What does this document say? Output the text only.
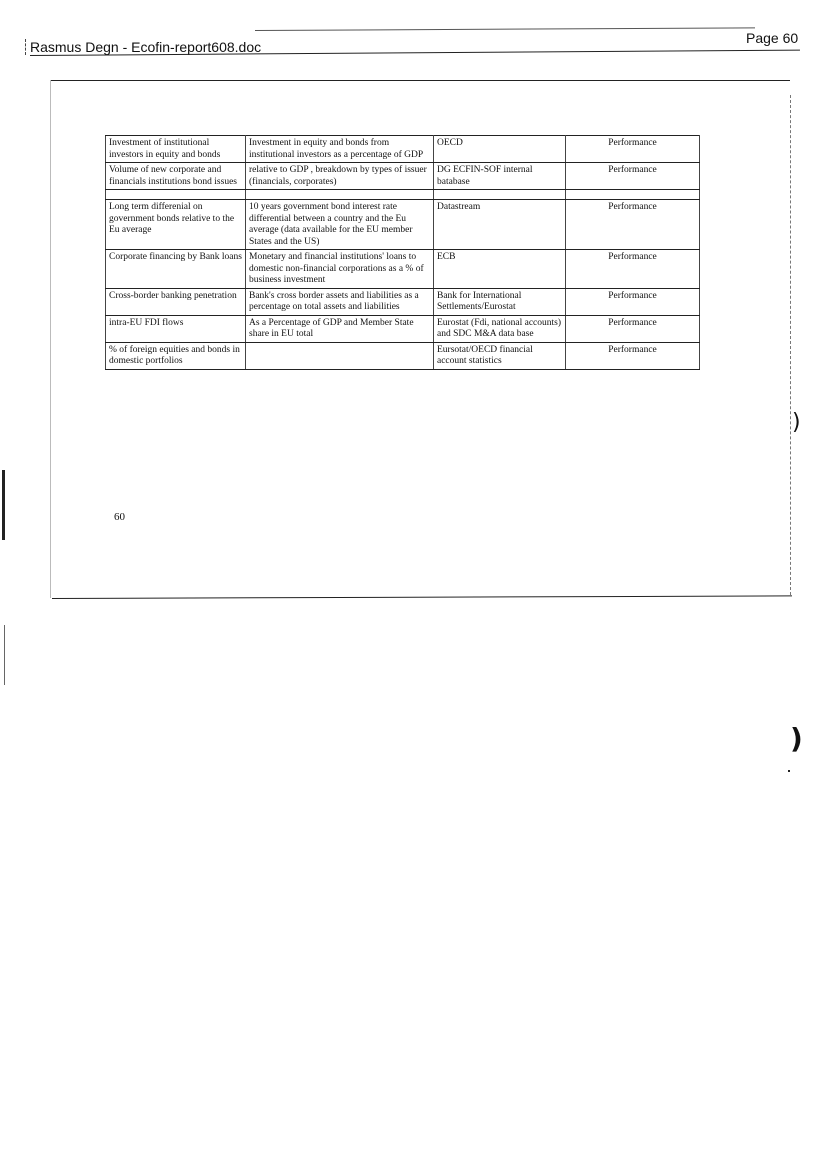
Rasmus Degn - Ecofin-report608.doc
Page 60
Investment of institutional investors in equity and bonds	Investment in equity and bonds from institutional investors as a percentage of GDP	OECD	Performance
Volume of new corporate and financials institutions bond issues	relative to GDP , breakdown by types of issuer (financials, corporates)	DG ECFIN-SOF internal batabase	Performance

Long term differenial on government bonds relative to the Eu average	10 years government bond interest rate differential between a country and the Eu average (data available for the EU member States and the US)	Datastream	Performance
Corporate financing by Bank loans	Monetary and financial institutions' loans to domestic non-financial corporations as a % of business investment	ECB	Performance
Cross-border banking penetration	Bank's cross border assets and liabilities as a percentage on total assets and liabilities	Bank for International Settlements/Eurostat	Performance
intra-EU FDI flows	As a Percentage of GDP and Member State share in EU total	Eurostat (Fdi, national accounts) and SDC M&A data base	Performance
% of foreign equities and bonds in domestic portfolios		Eursotat/OECD financial account statistics	Performance
60
)
)
